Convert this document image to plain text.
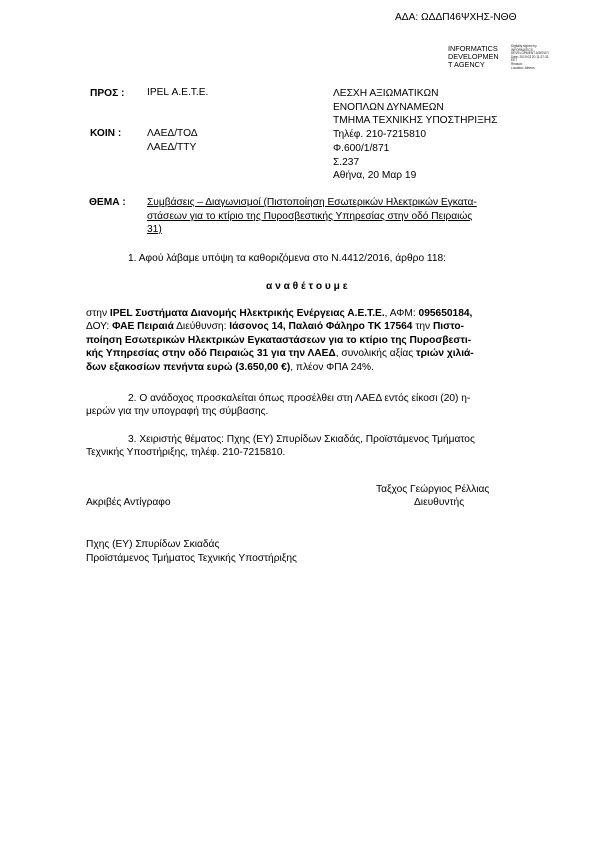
ΑΔΑ: ΩΔΔΠ46ΨΧΗΣ-ΝΘΘ
INFORMATICS
DEVELOPMEN
T AGENCY
Digitally signed by
INFORMATICS
DEVELOPMENT AGENCY
Date: 2019.03.20 11:27:31
EET
Reason:
Location: Athens
ΠΡΟΣ : IPEL Α.Ε.Τ.Ε.	ΛΕΣΧΗ ΑΞΙΩΜΑΤΙΚΩΝ
ΕΝΟΠΛΩΝ ΔΥΝΑΜΕΩΝ
ΤΜΗΜΑ ΤΕΧΝΙΚΗΣ ΥΠΟΣΤΗΡΙΞΗΣ
Τηλέφ. 210-7215810
Φ.600/1/871
Σ.237
Αθήνα, 20 Μαρ 19
ΚΟΙΝ :	ΛΑΕΔ/ΤΟΔ
ΛΑΕΔ/ΤΤΥ
ΘΕΜΑ : Συμβάσεις – Διαγωνισμοί (Πιστοποίηση Εσωτερικών Ηλεκτρικών Εγκατα-
στάσεων για το κτίριο της Πυροσβεστικής Υπηρεσίας στην οδό Πειραιώς
31)
1. Αφού λάβαμε υπόψη τα καθοριζόμενα στο Ν.4412/2016, άρθρο 118:
α ν α θ έ τ ο υ μ ε
στην IPEL Συστήματα Διανομής Ηλεκτρικής Ενέργειας Α.Ε.Τ.Ε., ΑΦΜ: 095650184,
ΔΟΥ: ΦΑΕ Πειραιά Διεύθυνση: Ιάσονος 14, Παλαιό Φάληρο ΤΚ 17564 την Πιστο-
ποίηση Εσωτερικών Ηλεκτρικών Εγκαταστάσεων για το κτίριο της Πυροσβεστι-
κής Υπηρεσίας στην οδό Πειραιώς 31 για την ΛΑΕΔ, συνολικής αξίας τριών χιλιά-
δων εξακοσίων πενήντα ευρώ (3.650,00 €), πλέον ΦΠΑ 24%.
2. Ο ανάδοχος προσκαλείται όπως προσέλθει στη ΛΑΕΔ εντός είκοσι (20) η-
μερών για την υπογραφή της σύμβασης.
3. Χειριστής θέματος: Πχης (ΕΥ) Σπυρίδων Σκιαδάς, Προϊστάμενος Τμήματος
Τεχνικής Υποστήριξης, τηλέφ. 210-7215810.
Ταξχος Γεώργιος Ρέλλιας
Διευθυντής
Ακριβές Αντίγραφο
Πχης (ΕΥ) Σπυρίδων Σκιαδάς
Προϊστάμενος Τμήματος Τεχνικής Υποστήριξης
